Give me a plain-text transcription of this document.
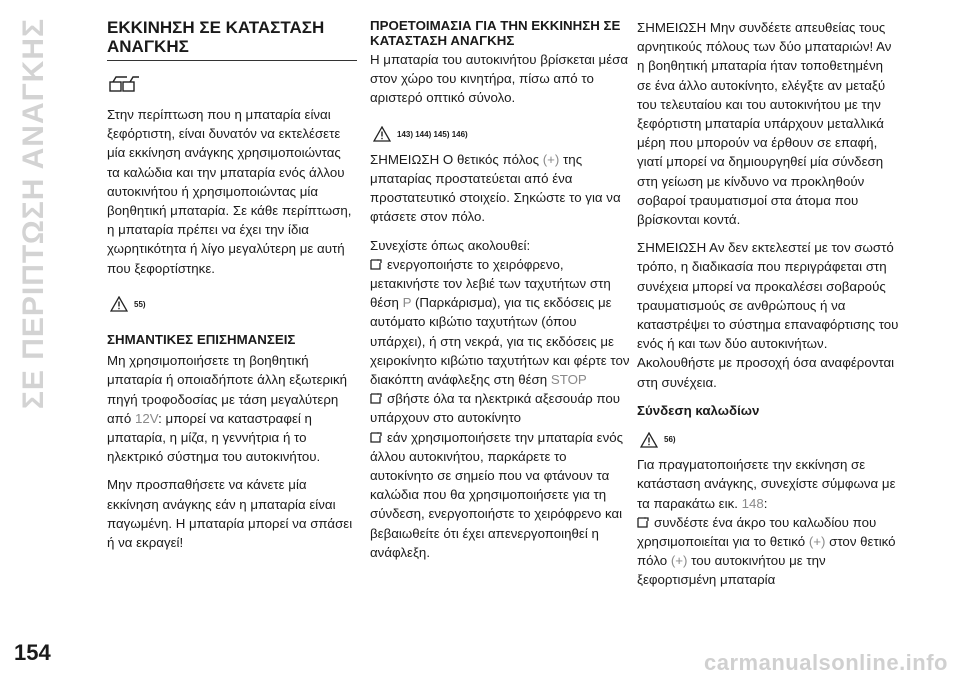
ΣΕ ΠΕΡΙΠΤΩΣΗ ΑΝΑΓΚΗΣ
154
ΕΚΚΙΝΗΣΗ ΣΕ ΚΑΤΑΣΤΑΣΗ ΑΝΑΓΚΗΣ

Στην περίπτωση που η μπαταρία είναι ξεφόρτιστη, είναι δυνατόν να εκτελέσετε μία εκκίνηση ανάγκης χρησιμοποιώντας τα καλώδια και την μπαταρία ενός άλλου αυτοκινήτου ή χρησιμοποιώντας μία βοηθητική μπαταρία. Σε κάθε περίπτωση, η μπαταρία πρέπει να έχει την ίδια χωρητικότητα ή λίγο μεγαλύτερη με αυτή που ξεφορτίστηκε.

55)
ΣΗΜΑΝΤΙΚΕΣ ΕΠΙΣΗΜΑΝΣΕΙΣ

Μη χρησιμοποιήσετε τη βοηθητική μπαταρία ή οποιαδήποτε άλλη εξωτερική πηγή τροφοδοσίας με τάση μεγαλύτερη από 12V: μπορεί να καταστραφεί η μπαταρία, η μίζα, η γεννήτρια ή το ηλεκτρικό σύστημα του αυτοκινήτου.

Μην προσπαθήσετε να κάνετε μία εκκίνηση ανάγκης εάν η μπαταρία είναι παγωμένη. Η μπαταρία μπορεί να σπάσει ή να εκραγεί!

ΠΡΟΕΤΟΙΜΑΣΙΑ ΓΙΑ ΤΗΝ ΕΚΚΙΝΗΣΗ ΣΕ ΚΑΤΑΣΤΑΣΗ ΑΝΑΓΚΗΣ

Η μπαταρία του αυτοκινήτου βρίσκεται μέσα στον χώρο του κινητήρα, πίσω από το αριστερό οπτικό σύνολο.

143) 144) 145) 146)

ΣΗΜΕΙΩΣΗ Ο θετικός πόλος (+) της μπαταρίας προστατεύεται από ένα προστατευτικό στοιχείο. Σηκώστε το για να φτάσετε στον πόλο.

Συνεχίστε όπως ακολουθεί:

ενεργοποιήστε το χειρόφρενο, μετακινήστε τον λεβιέ των ταχυτήτων στη θέση P (Παρκάρισμα), για τις εκδόσεις με αυτόματο κιβώτιο ταχυτήτων (όπου υπάρχει), ή στη νεκρά, για τις εκδόσεις με χειροκίνητο κιβώτιο ταχυτήτων και φέρτε τον διακόπτη ανάφλεξης στη θέση STOP
σβήστε όλα τα ηλεκτρικά αξεσουάρ που υπάρχουν στο αυτοκίνητο
εάν χρησιμοποιήσετε την μπαταρία ενός άλλου αυτοκινήτου, παρκάρετε το αυτοκίνητο σε σημείο που να φτάνουν τα καλώδια που θα χρησιμοποιήσετε για τη σύνδεση, ενεργοποιήστε το χειρόφρενο και βεβαιωθείτε ότι έχει απενεργοποιηθεί η ανάφλεξη.

ΣΗΜΕΙΩΣΗ Μην συνδέετε απευθείας τους αρνητικούς πόλους των δύο μπαταριών! Αν η βοηθητική μπαταρία ήταν τοποθετημένη σε ένα άλλο αυτοκίνητο, ελέγξτε αν μεταξύ του τελευταίου και του αυτοκινήτου με την ξεφόρτιστη μπαταρία υπάρχουν μεταλλικά μέρη που μπορούν να έρθουν σε επαφή, γιατί μπορεί να δημιουργηθεί μία σύνδεση στη γείωση με κίνδυνο να προκληθούν σοβαροί τραυματισμοί στα άτομα που βρίσκονται κοντά.

ΣΗΜΕΙΩΣΗ Αν δεν εκτελεστεί με τον σωστό τρόπο, η διαδικασία που περιγράφεται στη συνέχεια μπορεί να προκαλέσει σοβαρούς τραυματισμούς σε ανθρώπους ή να καταστρέψει το σύστημα επαναφόρτισης του ενός ή και των δύο αυτοκινήτων. Ακολουθήστε με προσοχή όσα αναφέρονται στη συνέχεια.

Σύνδεση καλωδίων
56)

Για πραγματοποιήσετε την εκκίνηση σε κατάσταση ανάγκης, συνεχίστε σύμφωνα με τα παρακάτω εικ. 148:

συνδέστε ένα άκρο του καλωδίου που χρησιμοποιείται για το θετικό (+) στον θετικό πόλο (+) του αυτοκινήτου με την ξεφορτισμένη μπαταρία
carmanualsonline.info
